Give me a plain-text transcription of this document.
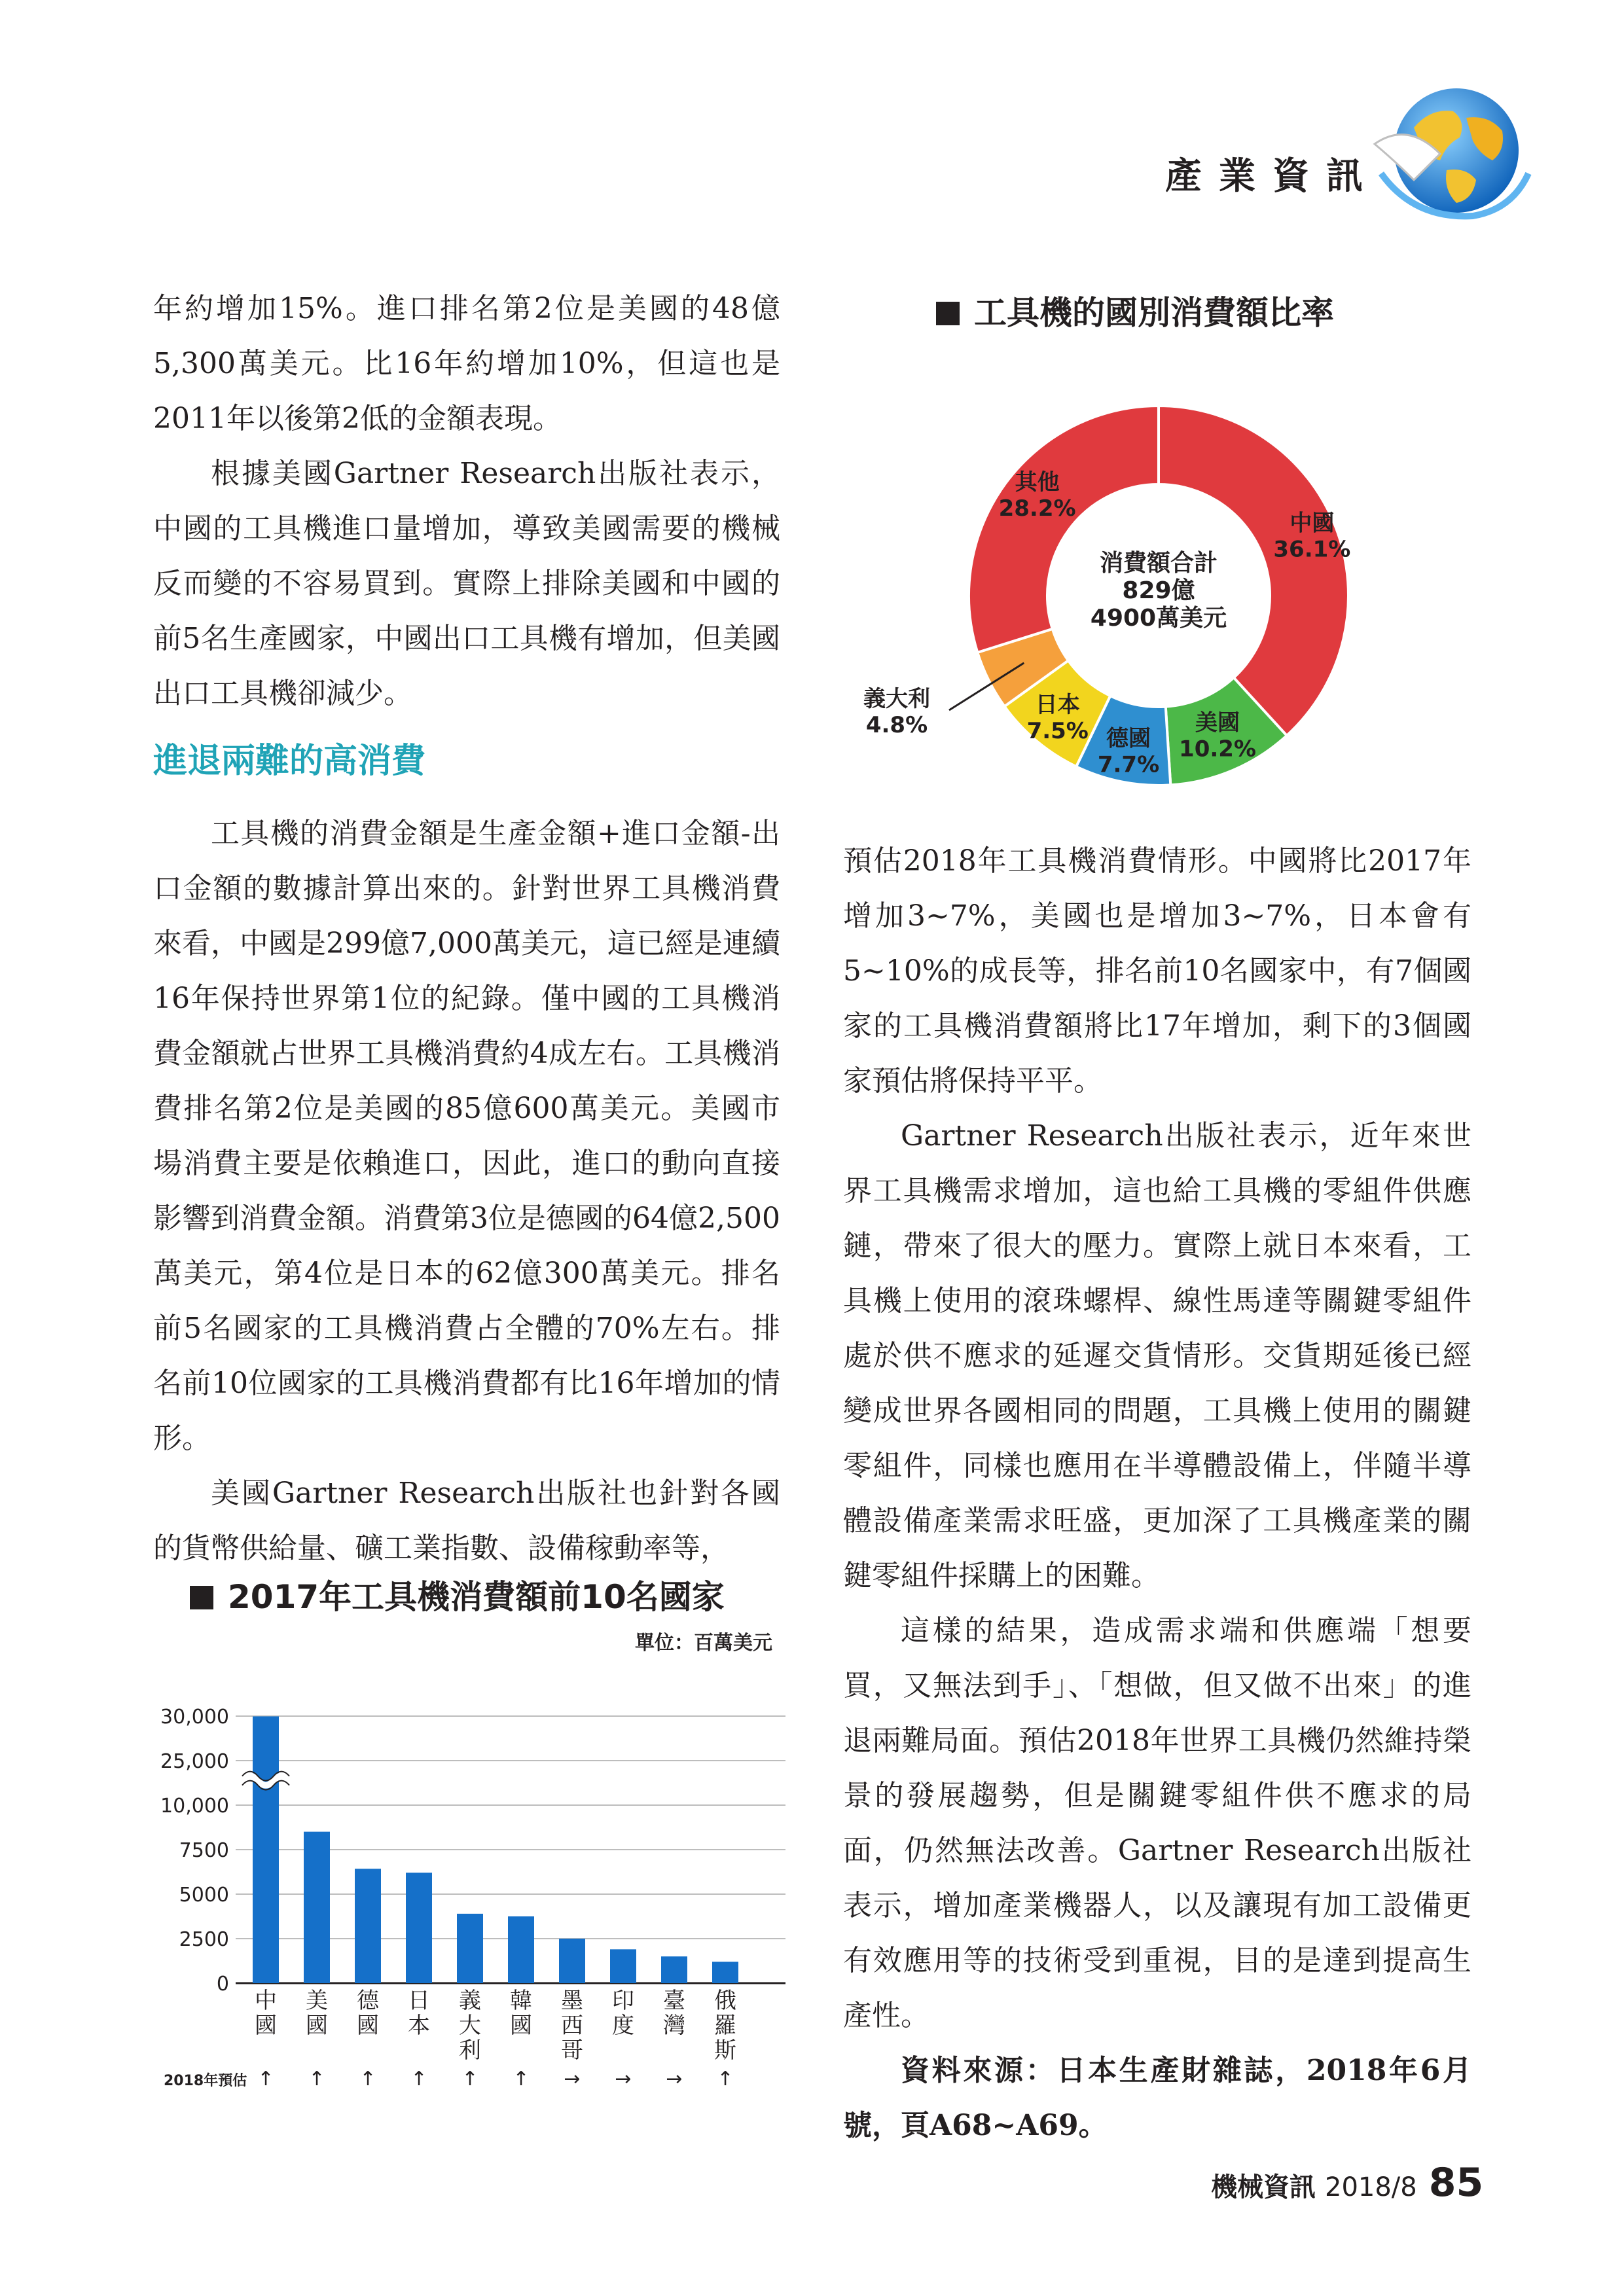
產業資訊

年約增加15%。進口排名第2位是美國的48億5,300萬美元。比16年約增加10%，但這也是2011年以後第2低的金額表現。

根據美國Gartner Research出版社表示，中國的工具機進口量增加，導致美國需要的機械反而變的不容易買到。實際上排除美國和中國的前5名生產國家，中國出口工具機有增加，但美國出口工具機卻減少。

進退兩難的高消費

工具機的消費金額是生產金額+進口金額-出口金額的數據計算出來的。針對世界工具機消費來看，中國是299億7,000萬美元，這已經是連續16年保持世界第1位的紀錄。僅中國的工具機消費金額就占世界工具機消費約4成左右。工具機消費排名第2位是美國的85億600萬美元。美國市場消費主要是依賴進口，因此，進口的動向直接影響到消費金額。消費第3位是德國的64億2,500萬美元，第4位是日本的62億300萬美元。排名前5名國家的工具機消費占全體的70%左右。排名前10位國家的工具機消費都有比16年增加的情形。

美國Gartner Research出版社也針對各國的貨幣供給量、礦工業指數、設備稼動率等，

工具機的國別消費額比率
中國
36.1%
美國
10.2%
德國
7.7%
日本
7.5%
義大利
4.8%
其他
28.2%
消費額合計
829億
4900萬美元
2017年工具機消費額前10名國家
單位：百萬美元
0
2500
5000
7500
10,000
25,000
30,000
中國
↑
美國
↑
德國
↑
日本
↑
義大利
↑
韓國
↑
墨西哥
→
印度
→
臺灣
→
俄羅斯
↑
2018年預估

預估2018年工具機消費情形。中國將比2017年增加3~7%，美國也是增加3~7%，日本會有5~10%的成長等，排名前10名國家中，有7個國家的工具機消費額將比17年增加，剩下的3個國家預估將保持平平。

Gartner Research出版社表示，近年來世界工具機需求增加，這也給工具機的零組件供應鏈，帶來了很大的壓力。實際上就日本來看，工具機上使用的滾珠螺桿、線性馬達等關鍵零組件處於供不應求的延遲交貨情形。交貨期延後已經變成世界各國相同的問題，工具機上使用的關鍵零組件，同樣也應用在半導體設備上，伴隨半導體設備產業需求旺盛，更加深了工具機產業的關鍵零組件採購上的困難。

這樣的結果，造成需求端和供應端「想要買，又無法到手」、「想做，但又做不出來」的進退兩難局面。預估2018年世界工具機仍然維持榮景的發展趨勢，但是關鍵零組件供不應求的局面，仍然無法改善。Gartner Research出版社表示，增加產業機器人，以及讓現有加工設備更有效應用等的技術受到重視，目的是達到提高生產性。

資料來源：日本生產財雜誌，2018年6月號，頁A68~A69。

機械資訊 2018/8 85
